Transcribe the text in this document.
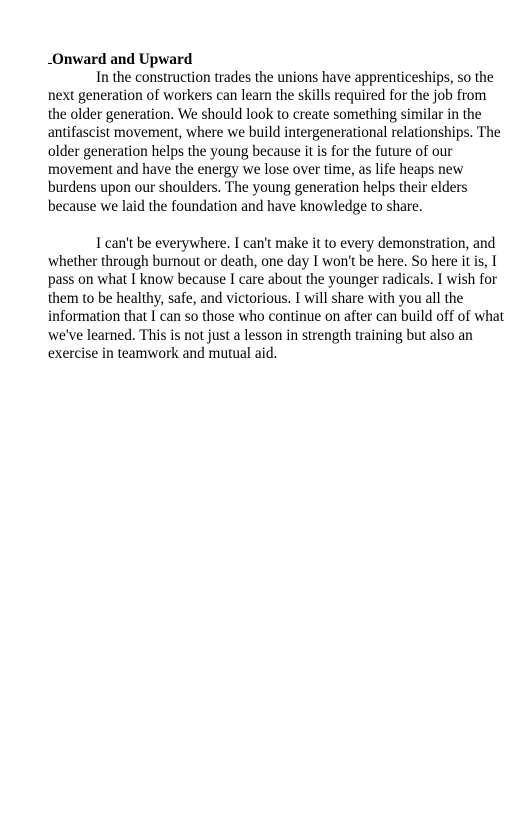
Onward and Upward

In the construction trades the unions have apprenticeships, so the next generation of workers can learn the skills required for the job from the older generation. We should look to create something similar in the antifascist movement, where we build intergenerational relationships. The older generation helps the young because it is for the future of our movement and have the energy we lose over time, as life heaps new burdens upon our shoulders. The young generation helps their elders because we laid the foundation and have knowledge to share.

I can't be everywhere. I can't make it to every demonstration, and whether through burnout or death, one day I won't be here. So here it is, I pass on what I know because I care about the younger radicals. I wish for them to be healthy, safe, and victorious. I will share with you all the information that I can so those who continue on after can build off of what we've learned. This is not just a lesson in strength training but also an exercise in teamwork and mutual aid.
